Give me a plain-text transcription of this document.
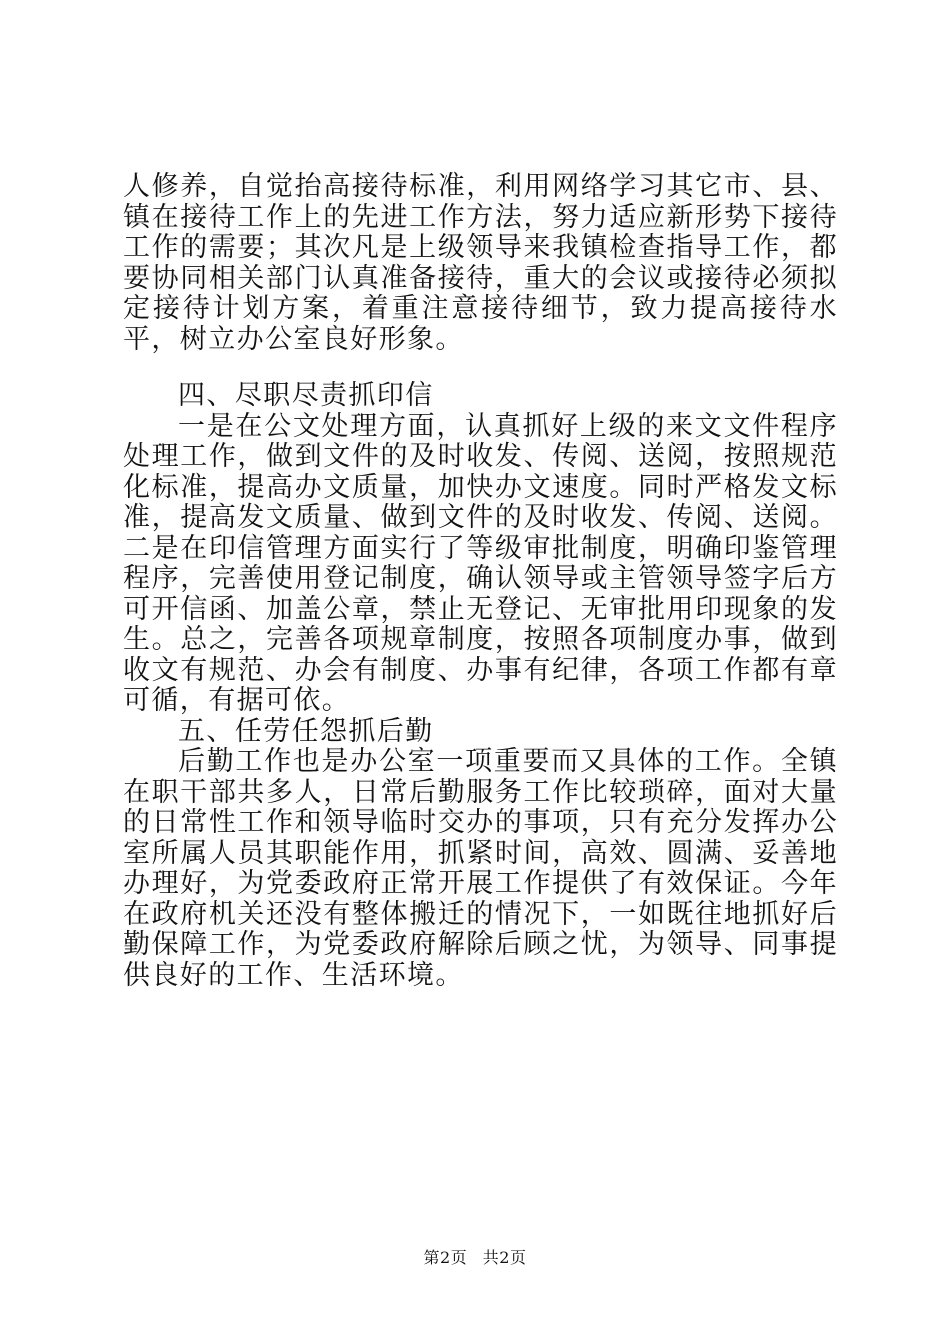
人修养，自觉抬高接待标准，利用网络学习其它市、县、镇在接待工作上的先进工作方法，努力适应新形势下接待工作的需要；其次凡是上级领导来我镇检查指导工作，都要协同相关部门认真准备接待，重大的会议或接待必须拟定接待计划方案，着重注意接待细节，致力提高接待水平，树立办公室良好形象。

四、尽职尽责抓印信

一是在公文处理方面，认真抓好上级的来文文件程序处理工作，做到文件的及时收发、传阅、送阅，按照规范化标准，提高办文质量，加快办文速度。同时严格发文标准，提高发文质量、做到文件的及时收发、传阅、送阅。二是在印信管理方面实行了等级审批制度，明确印鉴管理程序，完善使用登记制度，确认领导或主管领导签字后方可开信函、加盖公章，禁止无登记、无审批用印现象的发生。总之，完善各项规章制度，按照各项制度办事，做到收文有规范、办会有制度、办事有纪律，各项工作都有章可循，有据可依。

五、任劳任怨抓后勤

后勤工作也是办公室一项重要而又具体的工作。全镇在职干部共多人，日常后勤服务工作比较琐碎，面对大量的日常性工作和领导临时交办的事项，只有充分发挥办公室所属人员其职能作用，抓紧时间，高效、圆满、妥善地办理好，为党委政府正常开展工作提供了有效保证。今年在政府机关还没有整体搬迁的情况下，一如既往地抓好后勤保障工作，为党委政府解除后顾之忧，为领导、同事提供良好的工作、生活环境。

第2页 共2页
